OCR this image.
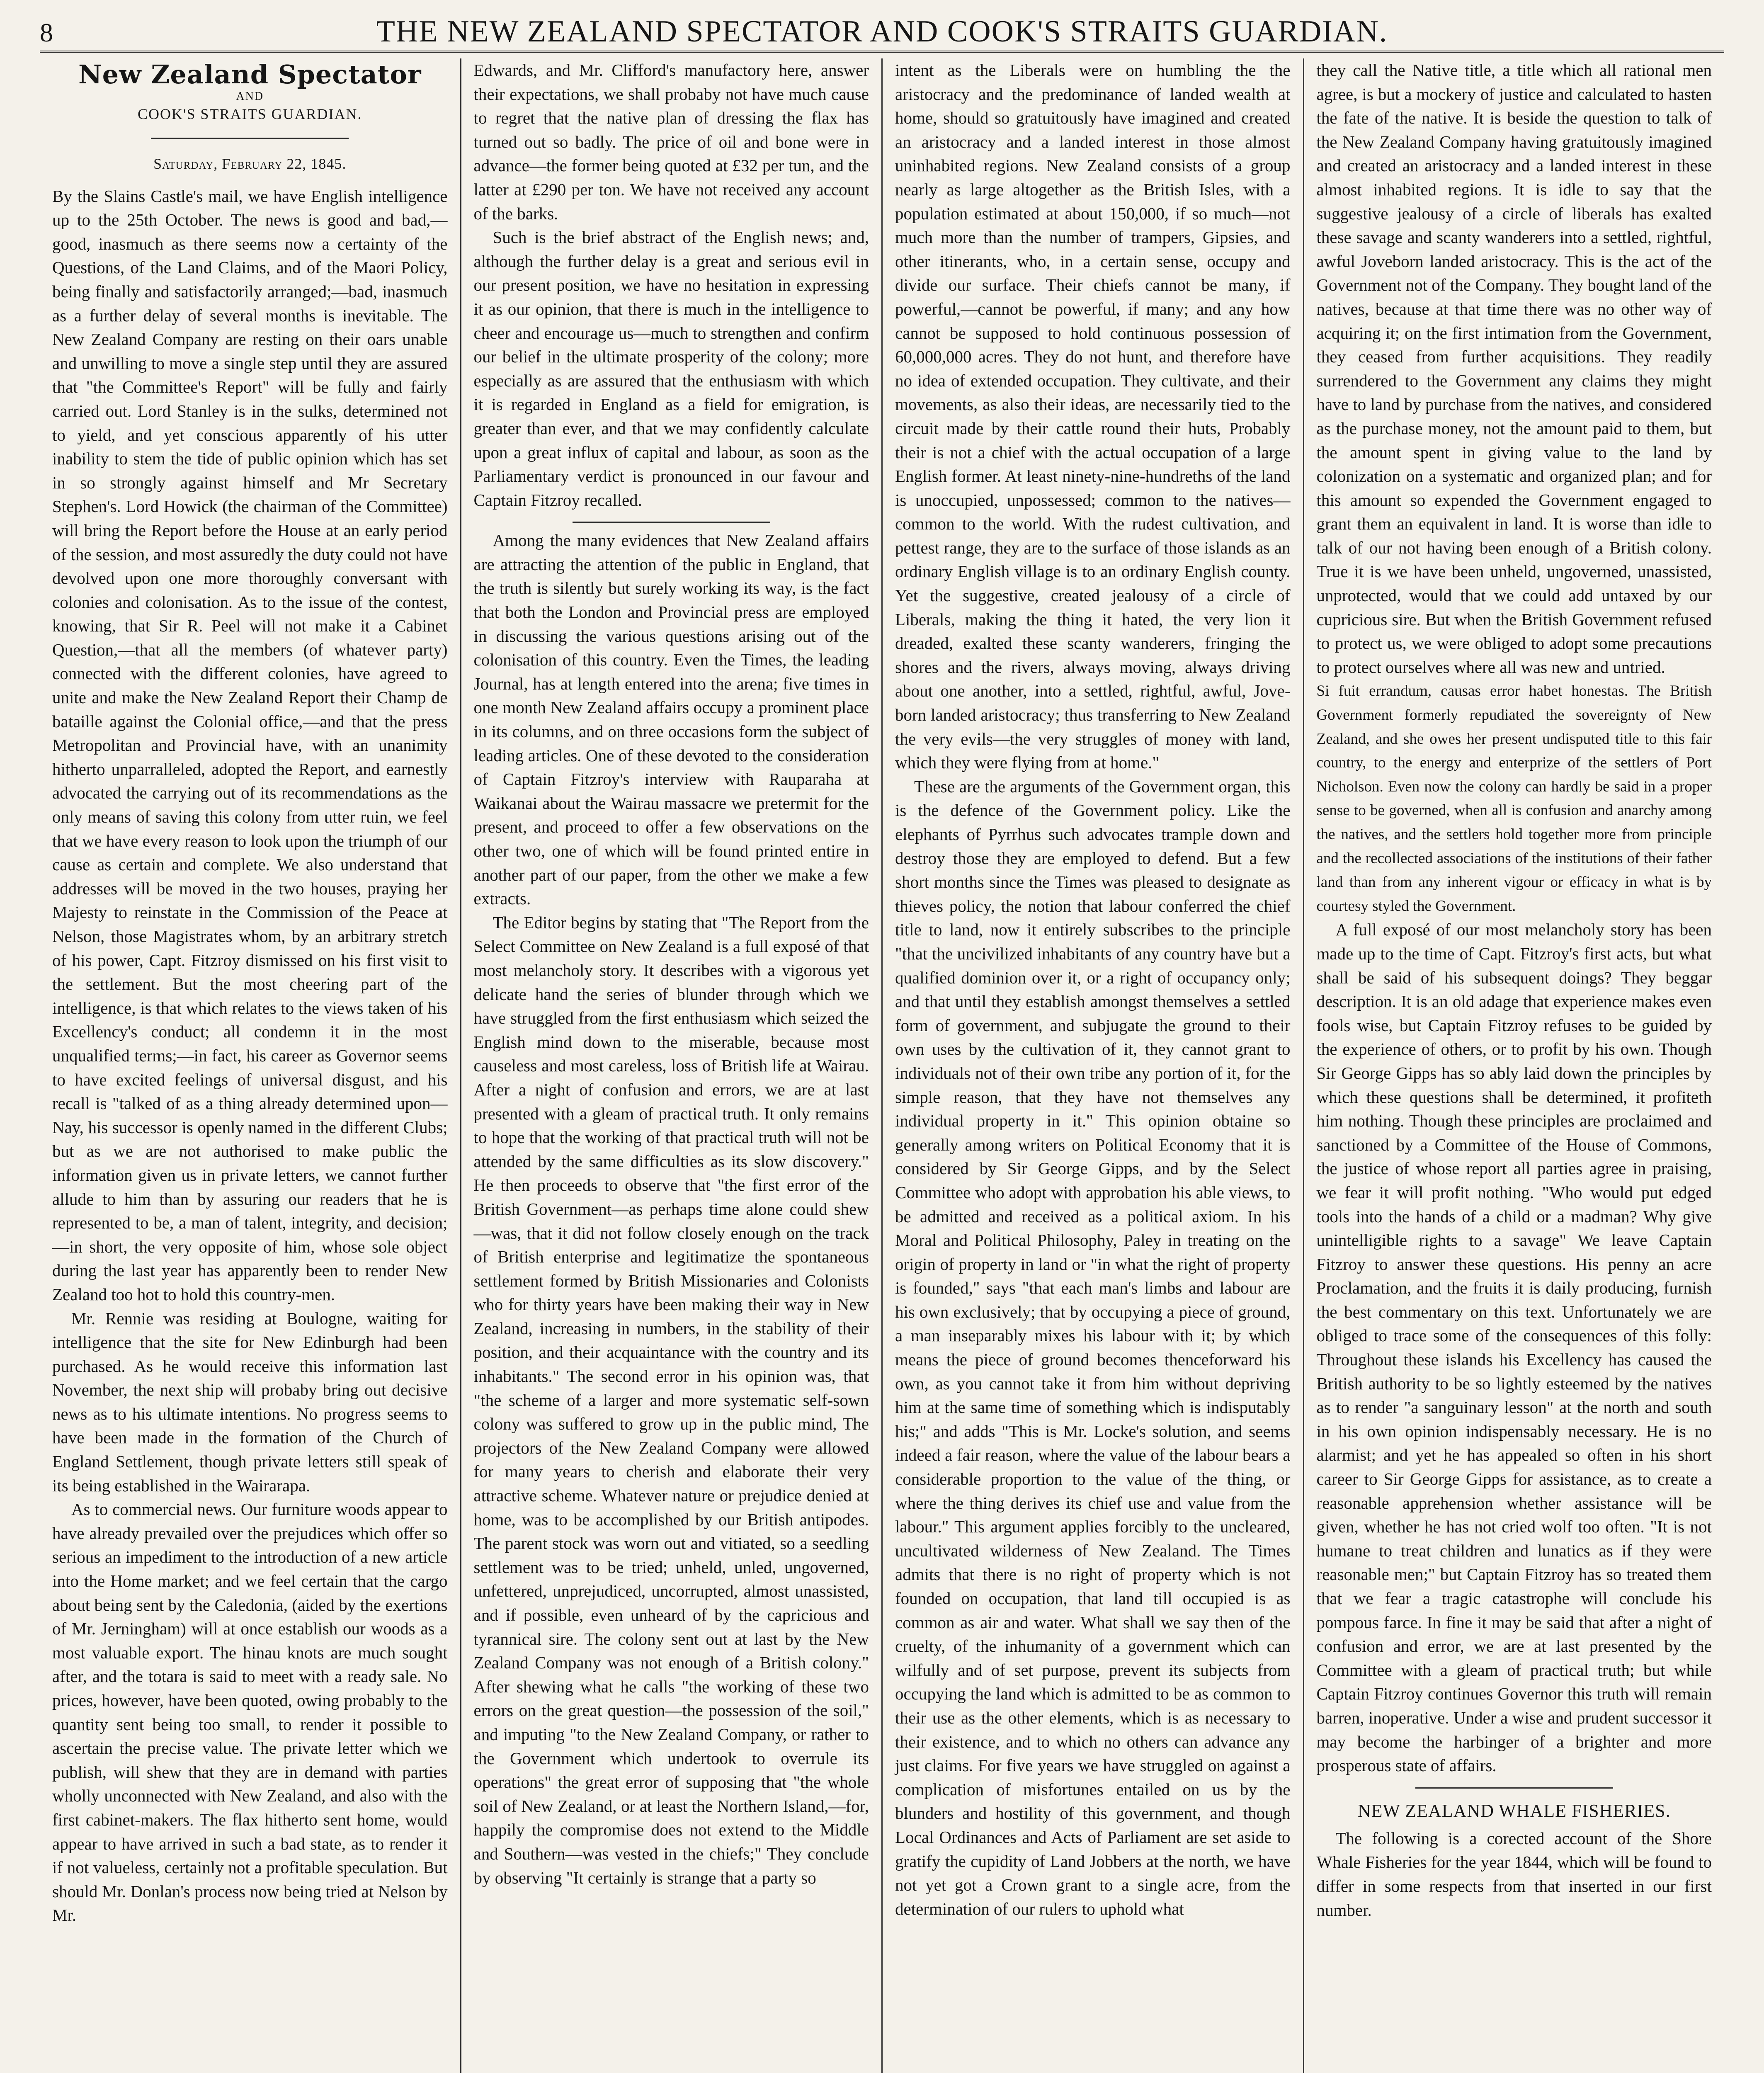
8	THE NEW ZEALAND SPECTATOR AND COOK'S STRAITS GUARDIAN.
New Zealand Spectator
AND
COOK'S STRAITS GUARDIAN.
Saturday, February 22, 1845.

By the Slains Castle's mail, we have English intelligence up to the 25th October. The news is good and bad,—good, inasmuch as there seems now a certainty of the Questions, of the Land Claims, and of the Maori Policy, being finally and satisfactorily arranged;—bad, inasmuch as a further delay of several months is inevitable. The New Zealand Company are resting on their oars unable and unwilling to move a single step until they are assured that "the Committee's Report" will be fully and fairly carried out. Lord Stanley is in the sulks, determined not to yield, and yet conscious apparently of his utter inability to stem the tide of public opinion which has set in so strongly against himself and Mr Secretary Stephen's. Lord Howick (the chairman of the Committee) will bring the Report before the House at an early period of the session, and most assuredly the duty could not have devolved upon one more thoroughly conversant with colonies and colonisation. As to the issue of the contest, knowing, that Sir R. Peel will not make it a Cabinet Question,—that all the members (of whatever party) connected with the different colonies, have agreed to unite and make the New Zealand Report their Champ de bataille against the Colonial office,—and that the press Metropolitan and Provincial have, with an unanimity hitherto unparralleled, adopted the Report, and earnestly advocated the carrying out of its recommendations as the only means of saving this colony from utter ruin, we feel that we have every reason to look upon the triumph of our cause as certain and complete. We also understand that addresses will be moved in the two houses, praying her Majesty to reinstate in the Commission of the Peace at Nelson, those Magistrates whom, by an arbitrary stretch of his power, Capt. Fitzroy dismissed on his first visit to the settlement. But the most cheering part of the intelligence, is that which relates to the views taken of his Excellency's conduct; all condemn it in the most unqualified terms;—in fact, his career as Governor seems to have excited feelings of universal disgust, and his recall is "talked of as a thing already determined upon—Nay, his successor is openly named in the different Clubs; but as we are not authorised to make public the information given us in private letters, we cannot further allude to him than by assuring our readers that he is represented to be, a man of talent, integrity, and decision;—in short, the very opposite of him, whose sole object during the last year has apparently been to render New Zealand too hot to hold this country-men.

Mr. Rennie was residing at Boulogne, waiting for intelligence that the site for New Edinburgh had been purchased. As he would receive this information last November, the next ship will probaby bring out decisive news as to his ultimate intentions. No progress seems to have been made in the formation of the Church of England Settlement, though private letters still speak of its being established in the Wairarapa.

As to commercial news. Our furniture woods appear to have already prevailed over the prejudices which offer so serious an impediment to the introduction of a new article into the Home market; and we feel certain that the cargo about being sent by the Caledonia, (aided by the exertions of Mr. Jerningham) will at once establish our woods as a most valuable export. The hinau knots are much sought after, and the totara is said to meet with a ready sale. No prices, however, have been quoted, owing probably to the quantity sent being too small, to render it possible to ascertain the precise value. The private letter which we publish, will shew that they are in demand with parties wholly unconnected with New Zealand, and also with the first cabinet-makers. The flax hitherto sent home, would appear to have arrived in such a bad state, as to render it if not valueless, certainly not a profitable speculation. But should Mr. Donlan's process now being tried at Nelson by Mr.

Edwards, and Mr. Clifford's manufactory here, answer their expectations, we shall probaby not have much cause to regret that the native plan of dressing the flax has turned out so badly. The price of oil and bone were in advance—the former being quoted at £32 per tun, and the latter at £290 per ton. We have not received any account of the barks.

Such is the brief abstract of the English news; and, although the further delay is a great and serious evil in our present position, we have no hesitation in expressing it as our opinion, that there is much in the intelligence to cheer and encourage us—much to strengthen and confirm our belief in the ultimate prosperity of the colony; more especially as are assured that the enthusiasm with which it is regarded in England as a field for emigration, is greater than ever, and that we may confidently calculate upon a great influx of capital and labour, as soon as the Parliamentary verdict is pronounced in our favour and Captain Fitzroy recalled.

Among the many evidences that New Zealand affairs are attracting the attention of the public in England, that the truth is silently but surely working its way, is the fact that both the London and Provincial press are employed in discussing the various questions arising out of the colonisation of this country. Even the Times, the leading Journal, has at length entered into the arena; five times in one month New Zealand affairs occupy a prominent place in its columns, and on three occasions form the subject of leading articles. One of these devoted to the consideration of Captain Fitzroy's interview with Rauparaha at Waikanai about the Wairau massacre we pretermit for the present, and proceed to offer a few observations on the other two, one of which will be found printed entire in another part of our paper, from the other we make a few extracts.

The Editor begins by stating that "The Report from the Select Committee on New Zealand is a full exposé of that most melancholy story. It describes with a vigorous yet delicate hand the series of blunder through which we have struggled from the first enthusiasm which seized the English mind down to the miserable, because most causeless and most careless, loss of British life at Wairau. After a night of confusion and errors, we are at last presented with a gleam of practical truth. It only remains to hope that the working of that practical truth will not be attended by the same difficulties as its slow discovery." He then proceeds to observe that "the first error of the British Government—as perhaps time alone could shew—was, that it did not follow closely enough on the track of British enterprise and legitimatize the spontaneous settlement formed by British Missionaries and Colonists who for thirty years have been making their way in New Zealand, increasing in numbers, in the stability of their position, and their acquaintance with the country and its inhabitants." The second error in his opinion was, that "the scheme of a larger and more systematic self-sown colony was suffered to grow up in the public mind, The projectors of the New Zealand Company were allowed for many years to cherish and elaborate their very attractive scheme. Whatever nature or prejudice denied at home, was to be accomplished by our British antipodes. The parent stock was worn out and vitiated, so a seedling settlement was to be tried; unheld, unled, ungoverned, unfettered, unprejudiced, uncorrupted, almost unassisted, and if possible, even unheard of by the capricious and tyrannical sire. The colony sent out at last by the New Zealand Company was not enough of a British colony." After shewing what he calls "the working of these two errors on the great question—the possession of the soil," and imputing "to the New Zealand Company, or rather to the Government which undertook to overrule its operations" the great error of supposing that "the whole soil of New Zealand, or at least the Northern Island,—for, happily the compromise does not extend to the Middle and Southern—was vested in the chiefs;" They conclude by observing "It certainly is strange that a party so

intent as the Liberals were on humbling the the aristocracy and the predominance of landed wealth at home, should so gratuitously have imagined and created an aristocracy and a landed interest in those almost uninhabited regions. New Zealand consists of a group nearly as large altogether as the British Isles, with a population estimated at about 150,000, if so much—not much more than the number of trampers, Gipsies, and other itinerants, who, in a certain sense, occupy and divide our surface. Their chiefs cannot be many, if powerful,—cannot be powerful, if many; and any how cannot be supposed to hold continuous possession of 60,000,000 acres. They do not hunt, and therefore have no idea of extended occupation. They cultivate, and their movements, as also their ideas, are necessarily tied to the circuit made by their cattle round their huts, Probably their is not a chief with the actual occupation of a large English former. At least ninety-nine-hundreths of the land is unoccupied, unpossessed; common to the natives—common to the world. With the rudest cultivation, and pettest range, they are to the surface of those islands as an ordinary English village is to an ordinary English county. Yet the suggestive, created jealousy of a circle of Liberals, making the thing it hated, the very lion it dreaded, exalted these scanty wanderers, fringing the shores and the rivers, always moving, always driving about one another, into a settled, rightful, awful, Jove-born landed aristocracy; thus transferring to New Zealand the very evils—the very struggles of money with land, which they were flying from at home."

These are the arguments of the Government organ, this is the defence of the Government policy. Like the elephants of Pyrrhus such advocates trample down and destroy those they are employed to defend. But a few short months since the Times was pleased to designate as thieves policy, the notion that labour conferred the chief title to land, now it entirely subscribes to the principle "that the uncivilized inhabitants of any country have but a qualified dominion over it, or a right of occupancy only; and that until they establish amongst themselves a settled form of government, and subjugate the ground to their own uses by the cultivation of it, they cannot grant to individuals not of their own tribe any portion of it, for the simple reason, that they have not themselves any individual property in it." This opinion obtaine so generally among writers on Political Economy that it is considered by Sir George Gipps, and by the Select Committee who adopt with approbation his able views, to be admitted and received as a political axiom. In his Moral and Political Philosophy, Paley in treating on the origin of property in land or "in what the right of property is founded," says "that each man's limbs and labour are his own exclusively; that by occupying a piece of ground, a man inseparably mixes his labour with it; by which means the piece of ground becomes thenceforward his own, as you cannot take it from him without depriving him at the same time of something which is indisputably his;" and adds "This is Mr. Locke's solution, and seems indeed a fair reason, where the value of the labour bears a considerable proportion to the value of the thing, or where the thing derives its chief use and value from the labour." This argument applies forcibly to the uncleared, uncultivated wilderness of New Zealand. The Times admits that there is no right of property which is not founded on occupation, that land till occupied is as common as air and water. What shall we say then of the cruelty, of the inhumanity of a government which can wilfully and of set purpose, prevent its subjects from occupying the land which is admitted to be as common to their use as the other elements, which is as necessary to their existence, and to which no others can advance any just claims. For five years we have struggled on against a complication of misfortunes entailed on us by the blunders and hostility of this government, and though Local Ordinances and Acts of Parliament are set aside to gratify the cupidity of Land Jobbers at the north, we have not yet got a Crown grant to a single acre, from the determination of our rulers to uphold what

they call the Native title, a title which all rational men agree, is but a mockery of justice and calculated to hasten the fate of the native. It is beside the question to talk of the New Zealand Company having gratuitously imagined and created an aristocracy and a landed interest in these almost inhabited regions. It is idle to say that the suggestive jealousy of a circle of liberals has exalted these savage and scanty wanderers into a settled, rightful, awful Joveborn landed aristocracy. This is the act of the Government not of the Company. They bought land of the natives, because at that time there was no other way of acquiring it; on the first intimation from the Government, they ceased from further acquisitions. They readily surrendered to the Government any claims they might have to land by purchase from the natives, and considered as the purchase money, not the amount paid to them, but the amount spent in giving value to the land by colonization on a systematic and organized plan; and for this amount so expended the Government engaged to grant them an equivalent in land. It is worse than idle to talk of our not having been enough of a British colony. True it is we have been unheld, ungoverned, unassisted, unprotected, would that we could add untaxed by our cupricious sire. But when the British Government refused to protect us, we were obliged to adopt some precautions to protect ourselves where all was new and untried.

Si fuit errandum, causas error habet honestas. The British Government formerly repudiated the sovereignty of New Zealand, and she owes her present undisputed title to this fair country, to the energy and enterprize of the settlers of Port Nicholson. Even now the colony can hardly be said in a proper sense to be governed, when all is confusion and anarchy among the natives, and the settlers hold together more from principle and the recollected associations of the institutions of their father land than from any inherent vigour or efficacy in what is by courtesy styled the Government.

A full exposé of our most melancholy story has been made up to the time of Capt. Fitzroy's first acts, but what shall be said of his subsequent doings? They beggar description. It is an old adage that experience makes even fools wise, but Captain Fitzroy refuses to be guided by the experience of others, or to profit by his own. Though Sir George Gipps has so ably laid down the principles by which these questions shall be determined, it profiteth him nothing. Though these principles are proclaimed and sanctioned by a Committee of the House of Commons, the justice of whose report all parties agree in praising, we fear it will profit nothing. "Who would put edged tools into the hands of a child or a madman? Why give unintelligible rights to a savage" We leave Captain Fitzroy to answer these questions. His penny an acre Proclamation, and the fruits it is daily producing, furnish the best commentary on this text. Unfortunately we are obliged to trace some of the consequences of this folly: Throughout these islands his Excellency has caused the British authority to be so lightly esteemed by the natives as to render "a sanguinary lesson" at the north and south in his own opinion indispensably necessary. He is no alarmist; and yet he has appealed so often in his short career to Sir George Gipps for assistance, as to create a reasonable apprehension whether assistance will be given, whether he has not cried wolf too often. "It is not humane to treat children and lunatics as if they were reasonable men;" but Captain Fitzroy has so treated them that we fear a tragic catastrophe will conclude his pompous farce. In fine it may be said that after a night of confusion and error, we are at last presented by the Committee with a gleam of practical truth; but while Captain Fitzroy continues Governor this truth will remain barren, inoperative. Under a wise and prudent successor it may become the harbinger of a brighter and more prosperous state of affairs.

NEW ZEALAND WHALE FISHERIES.

The following is a corected account of the Shore Whale Fisheries for the year 1844, which will be found to differ in some respects from that inserted in our first number.
